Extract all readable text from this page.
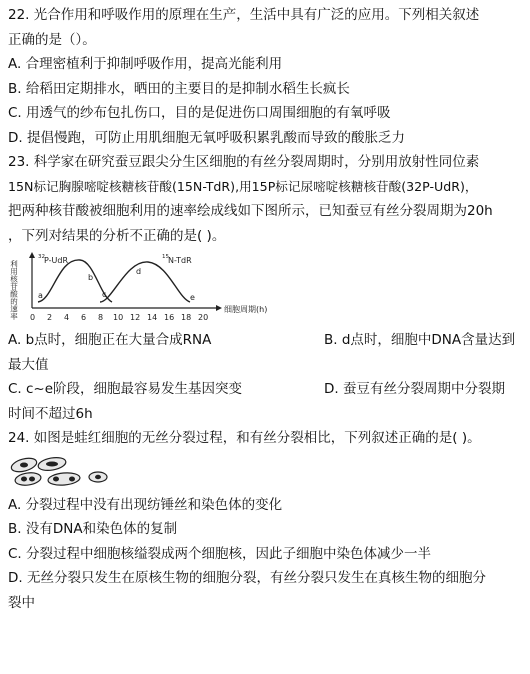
22. 光合作用和呼吸作用的原理在生产，生活中具有广泛的应用。下列相关叙述
正确的是（）。
A. 合理密植利于抑制呼吸作用，提高光能利用
B. 给稻田定期排水，晒田的主要目的是抑制水稻生长疯长
C. 用透气的纱布包扎伤口，目的是促进伤口周围细胞的有氧呼吸
D. 提倡慢跑，可防止用肌细胞无氧呼吸积累乳酸而导致的酸胀乏力
23. 科学家在研究蚕豆跟尖分生区细胞的有丝分裂周期时，分别用放射性同位素
15N标记胸腺嘧啶核糖核苷酸(15N-TdR),用15P标记尿嘧啶核糖核苷酸(32P-UdR)，
把两种核苷酸被细胞利用的速率绘成线如下图所示，已知蚕豆有丝分裂周期为20h
，下列对结果的分析不正确的是( )。
利用核苷酸的速率	细胞周期(h)
0 2 4 6 8 10 12 14 16 18 20
32 P-UdR	15 N-TdR
a
b
c
d
e
A. b点时，细胞正在大量合成RNA	B. d点时，细胞中DNA含量达到
最大值
C. c~e阶段，细胞最容易发生基因突变	D. 蚕豆有丝分裂周期中分裂期
时间不超过6h
24. 如图是蛙红细胞的无丝分裂过程，和有丝分裂相比，下列叙述正确的是( )。
A. 分裂过程中没有出现纺锤丝和染色体的变化
B. 没有DNA和染色体的复制
C. 分裂过程中细胞核缢裂成两个细胞核，因此子细胞中染色体减少一半
D. 无丝分裂只发生在原核生物的细胞分裂，有丝分裂只发生在真核生物的细胞分
裂中
